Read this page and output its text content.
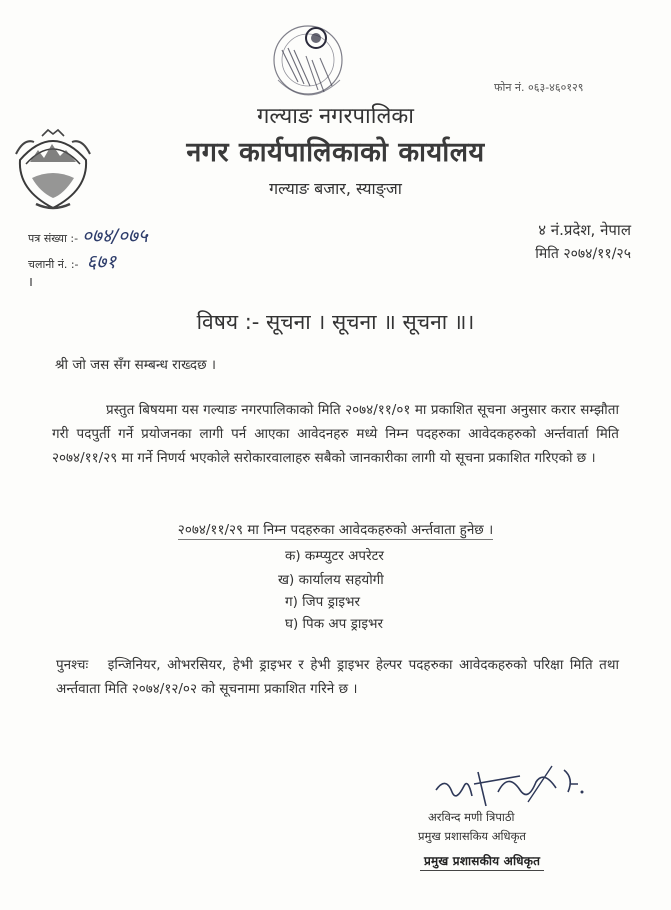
फोन नं. ०६३-४६०१२९
गल्याङ नगरपालिका
नगर कार्यपालिकाको कार्यालय
गल्याङ बजार, स्याङ्जा
पत्र संख्या :- ०७४/०७५
चलानी नं. :- ६७१
४ नं.प्रदेश, नेपाल
मिति २०७४/११/२५
विषय :- सूचना । सूचना ॥ सूचना ॥।
श्री जो जस सँग सम्बन्ध राख्दछ ।
प्रस्तुत बिषयमा यस गल्याङ नगरपालिकाको मिति २०७४/११/०१ मा प्रकाशित सूचना अनुसार करार सम्झौता गरी पदपुर्ती गर्ने प्रयोजनका लागी पर्न आएका आवेदनहरु मध्ये निम्न पदहरुका आवेदकहरुको अर्न्तवार्ता मिति २०७४/११/२९ मा गर्ने निणर्य भएकोले सरोकारवालाहरु सबैको जानकारीका लागी यो सूचना प्रकाशित गरिएको छ ।
२०७४/११/२९ मा निम्न पदहरुका आवेदकहरुको अर्न्तवाता हुनेछ ।
क) कम्प्युटर अपरेटर
ख) कार्यालय सहयोगी
ग) जिप ड्राइभर
घ) पिक अप ड्राइभर
पुनश्चः इन्जिनियर, ओभरसियर, हेभी ड्राइभर र हेभी ड्राइभर हेल्पर पदहरुका आवेदकहरुको परिक्षा मिति तथा अर्न्तवाता मिति २०७४/१२/०२ को सूचनामा प्रकाशित गरिने छ ।
अरविन्द मणी त्रिपाठी
प्रमुख प्रशासकिय अधिकृत
प्रमुख प्रशासकीय अधिकृत
